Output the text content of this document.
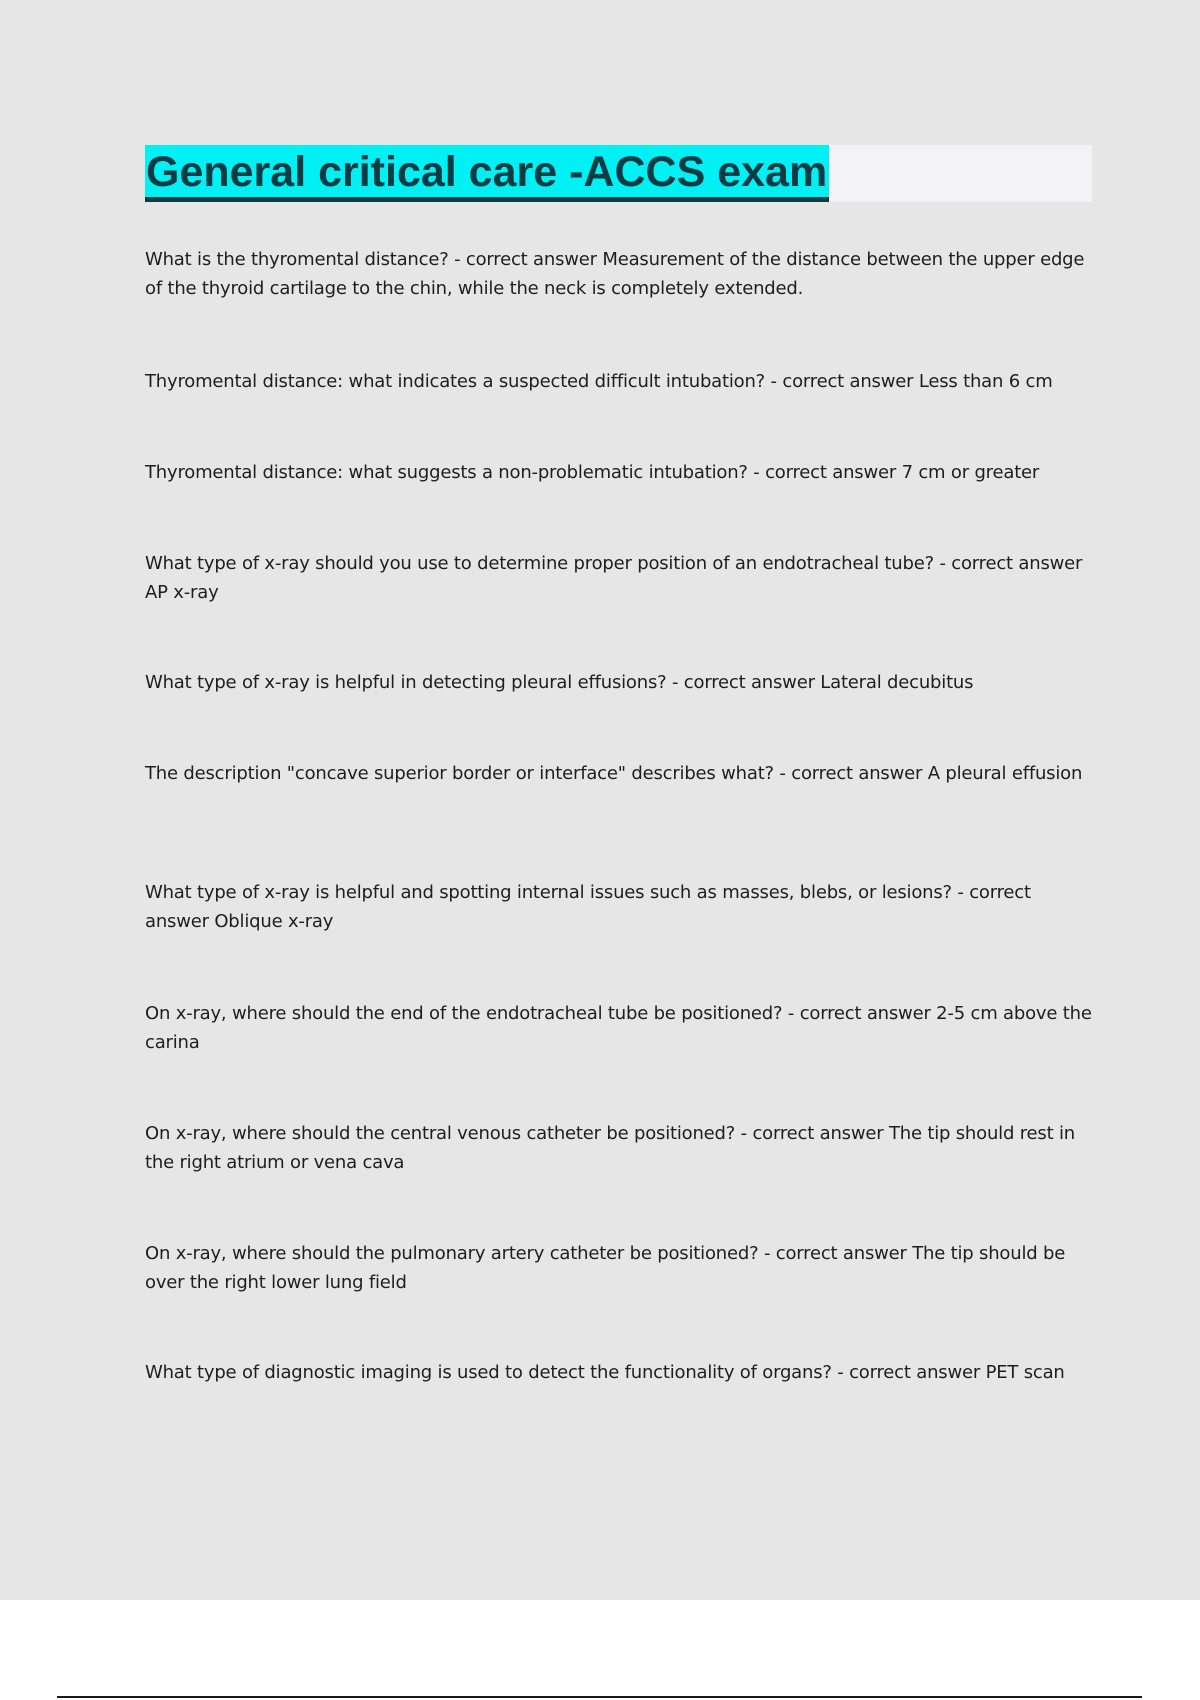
General critical care -ACCS exam

What is the thyromental distance? - correct answer Measurement of the distance between the upper edge of the thyroid cartilage to the chin, while the neck is completely extended.

Thyromental distance: what indicates a suspected difficult intubation? - correct answer Less than 6 cm

Thyromental distance: what suggests a non-problematic intubation? - correct answer 7 cm or greater

What type of x-ray should you use to determine proper position of an endotracheal tube? - correct answer AP x-ray

What type of x-ray is helpful in detecting pleural effusions? - correct answer Lateral decubitus

The description "concave superior border or interface" describes what? - correct answer A pleural effusion

What type of x-ray is helpful and spotting internal issues such as masses, blebs, or lesions? - correct answer Oblique x-ray

On x-ray, where should the end of the endotracheal tube be positioned? - correct answer 2-5 cm above the carina

On x-ray, where should the central venous catheter be positioned? - correct answer The tip should rest in the right atrium or vena cava

On x-ray, where should the pulmonary artery catheter be positioned? - correct answer The tip should be over the right lower lung field

What type of diagnostic imaging is used to detect the functionality of organs? - correct answer PET scan
